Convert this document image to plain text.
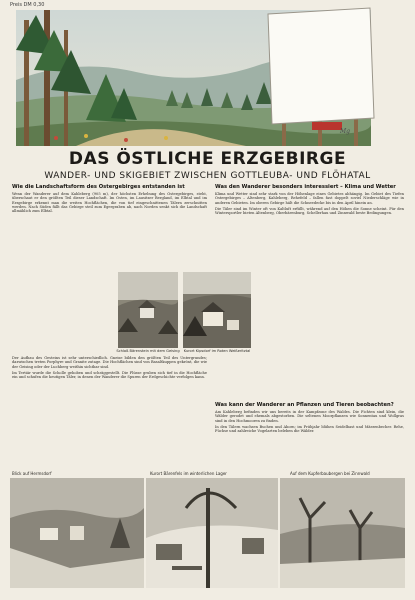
Preis DM 0,30
Mg
DAS ÖSTLICHE ERZGEBIRGE
WANDER- UND SKIGEBIET ZWISCHEN GOTTLEUBA- UND FLÖHATAL
Wie die Landschaftsform des Ostergebirges entstanden ist

Wenn der Wanderer auf dem Kahleberg (905 m), der höchsten Erhebung des Ostergebirges, steht, überschaut er den größten Teil dieser Landschaft. Im Osten, im Lausitzer Bergland, im Elbtal und im Erzgebirge erkennt man die weiten Hochflächen, die von tief eingeschnittenen Tälern zerschnitten werden. Nach Süden fällt das Gebirge steil zum Egergraben ab, nach Norden senkt sich die Landschaft allmählich zum Elbtal.

Schloß Bärenstein mit dem Geising	Kurort Kipsdorf im Roten Weißeritztal

Der Aufbau des Gesteins ist sehr unterschiedlich. Gneise bilden den größten Teil des Untergrundes; dazwischen treten Porphyre und Granite zutage. Die Hochflächen sind von Basaltkuppen gekrönt, die wie der Geising oder der Luchberg weithin sichtbar sind.

Im Tertiär wurde die Scholle gehoben und schräggestellt. Die Flüsse gruben sich tief in die Hochfläche ein und schufen die heutigen Täler, in denen der Wanderer die Spuren der Erdgeschichte verfolgen kann.

Was den Wanderer besonders interessiert – Klima und Wetter

Klima und Wetter sind sehr stark von der Höhenlage eines Gebietes abhängig. Im Gebiet des Tiefen Ostergebirges – Altenberg, Kahleberg, Rehefeld – fallen fast doppelt soviel Niederschläge wie in anderen Gebieten. Im oberen Gebirge hält die Schneedecke bis in den April hinein an.

Die Täler sind im Winter oft von Kaltluft erfüllt, während auf den Höhen die Sonne scheint. Für den Wintersportler bieten Altenberg, Oberbärenburg, Schellerhau und Zinnwald beste Bedingungen.

Was kann der Wanderer an Pflanzen und Tieren beobachten?

Am Kahleberg befinden wir uns bereits in der Kampfzone des Waldes. Die Fichten sind klein, die Wälder gerodet und ehemals abgestorben. Die seltenen Moorpflanzen wie Sonnentau und Wollgras sind in den Hochmooren zu finden.

In den Tälern wachsen Buchen und Ahorn; im Frühjahr blühen Seidelbast und Märzenbecher. Rehe, Füchse und zahlreiche Vogelarten beleben die Wälder.

Blick auf Hermsdorf	Kurort Bärenfels im winterlichen Lager	Auf dem Kupferbaubergen bei Zinnwald
